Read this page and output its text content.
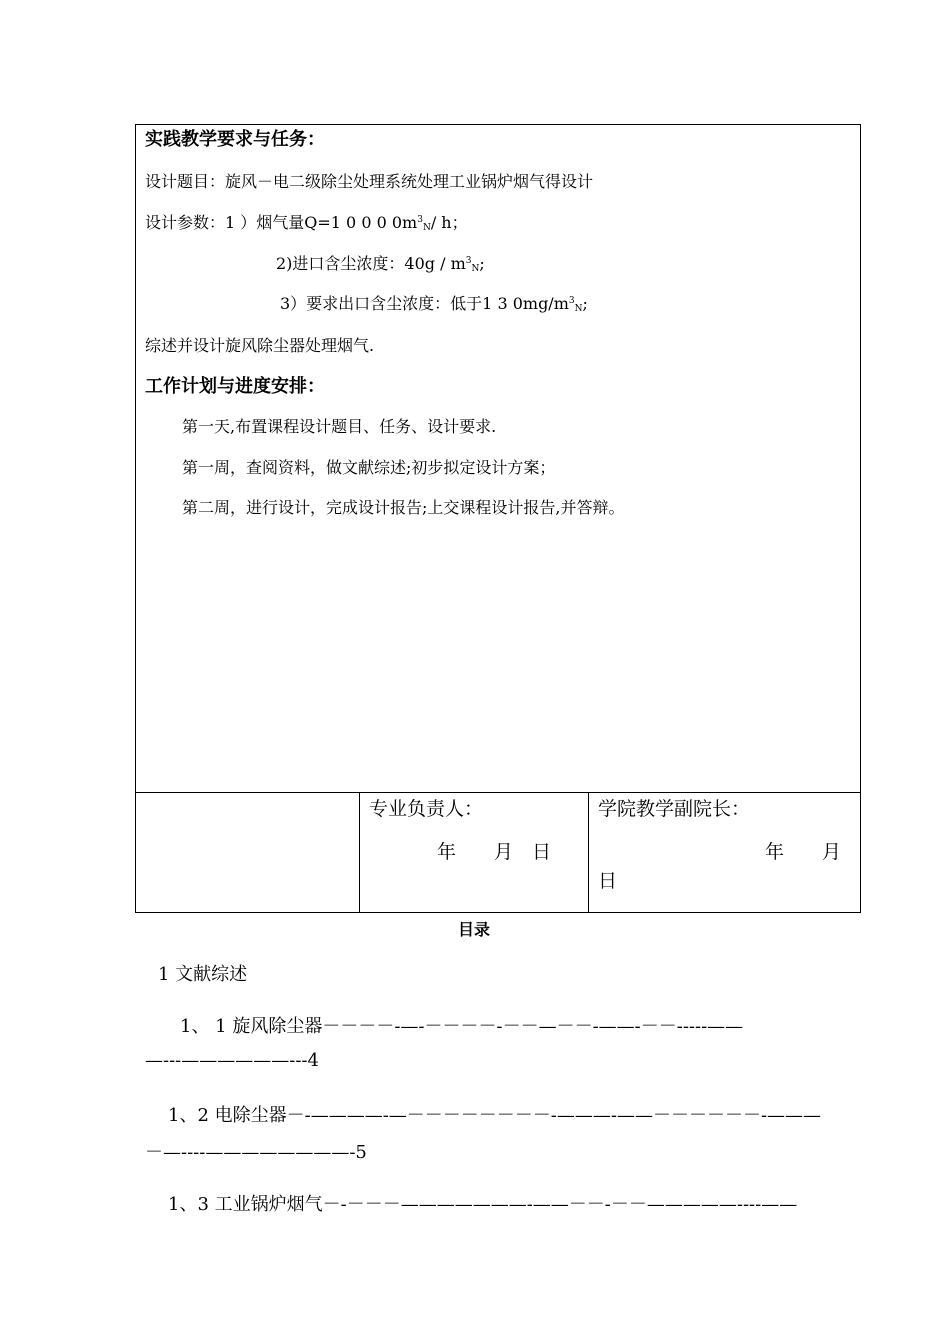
实践教学要求与任务：
设计题目：旋风－电二级除尘处理系统处理工业锅炉烟气得设计
设计参数：1 ）烟气量Q=1 0 0 0 $0m^3_N/$ h；
2)进口含尘浓度：$40g / m^3_N$;
3）要求出口含尘浓度：低于1 3 $0mg/m^3_N$;
综述并设计旋风除尘器处理烟气.
工作计划与进度安排：
第一天,布置课程设计题目、任务、设计要求.
第一周，查阅资料，做文献综述;初步拟定设计方案；
第二周，进行设计，完成设计报告;上交课程设计报告,并答辩。
专业负责人：
年　　月　日
学院教学副院长：
年　　月
日
目录
1 文献综述
1、 1 旋风除尘器－－－－-—-－－－－-－－—－－-——-－－-----——
—---——————---4
1、2 电除尘器－-————-—－－－－－－－－-———-——－－－－－－-———
－—----————————-5
1、3 工业锅炉烟气－-－－－———————-——－－-－－—————----——
